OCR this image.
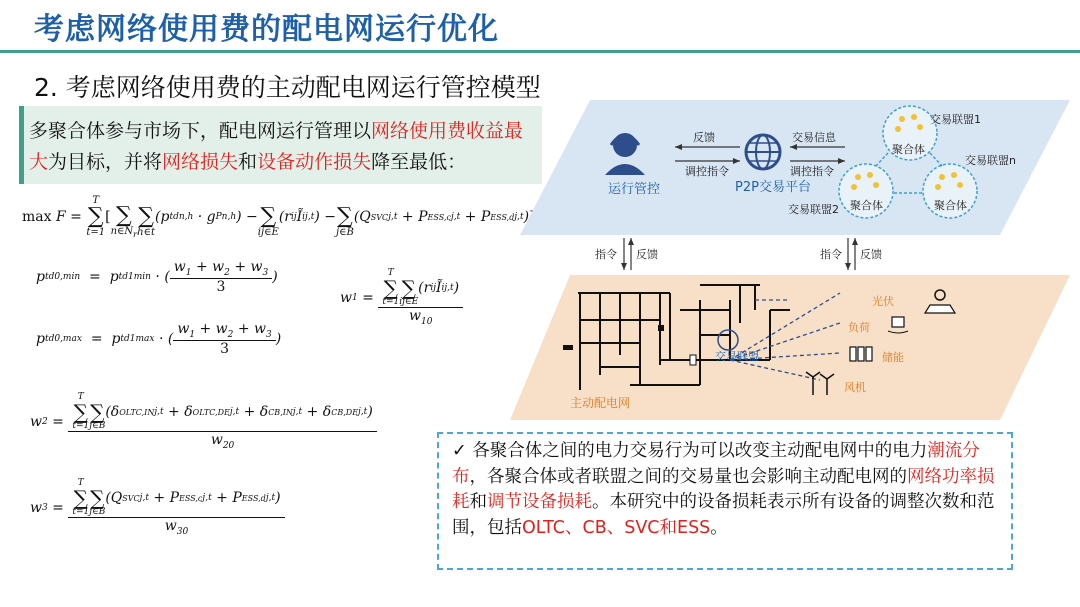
考虑网络使用费的配电网运行优化
2. 考虑网络使用费的主动配电网运行管控模型
多聚合体参与市场下，配电网运行管理以网络使用费收益最大为目标，并将网络损失和设备动作损失降至最低：
max F =
T
∑
t=1
[
∑
$n\in N_r$

∑
h∈t
(p tdn,h · g P n,h ) −
∑
ij∈E
(r ij Ĩ ij,t ) −
∑
j∈B
(Q SVC j,t + P ESS,c j,t + P ESS,d j,t )
p td0,min =  p td1min · ( $\frac{w_1 + w_2 + w_3}{3}$ )
p td0,max =  p td1max · ( $\frac{w_1 + w_2 + w_3}{3}$ )
w 1 = T
∑
t=1

∑
ij∈E
(r ij Ĩ ij,t )
$w_{10}$
w 2 =
T
∑
t=1

∑
j∈B
(δ OLTC,IN j,t + δ OLTC,DE j,t + δ CB,IN j,t + δ CB,DE j,t )
$w_{20}$
w 3 = T
∑
t=1

∑
j∈B
(Q SVC j,t + P ESS,c j,t + P ESS,d j,t )
$w_{30}$
运行管控
反馈
调控指令
P2P交易平台
交易信息
调控指令
聚合体
聚合体	聚合体
交易联盟1
交易联盟n
交易联盟2
指令 反馈	指令 反馈
交易联盟
主动配电网
光伏
负荷
储能
风机
✓ 各聚合体之间的电力交易行为可以改变主动配电网中的电力潮流分布，各聚合体或者联盟之间的交易量也会影响主动配电网的网络功率损耗和调节设备损耗。本研究中的设备损耗表示所有设备的调整次数和范围，包括OLTC、CB、SVC和ESS。
